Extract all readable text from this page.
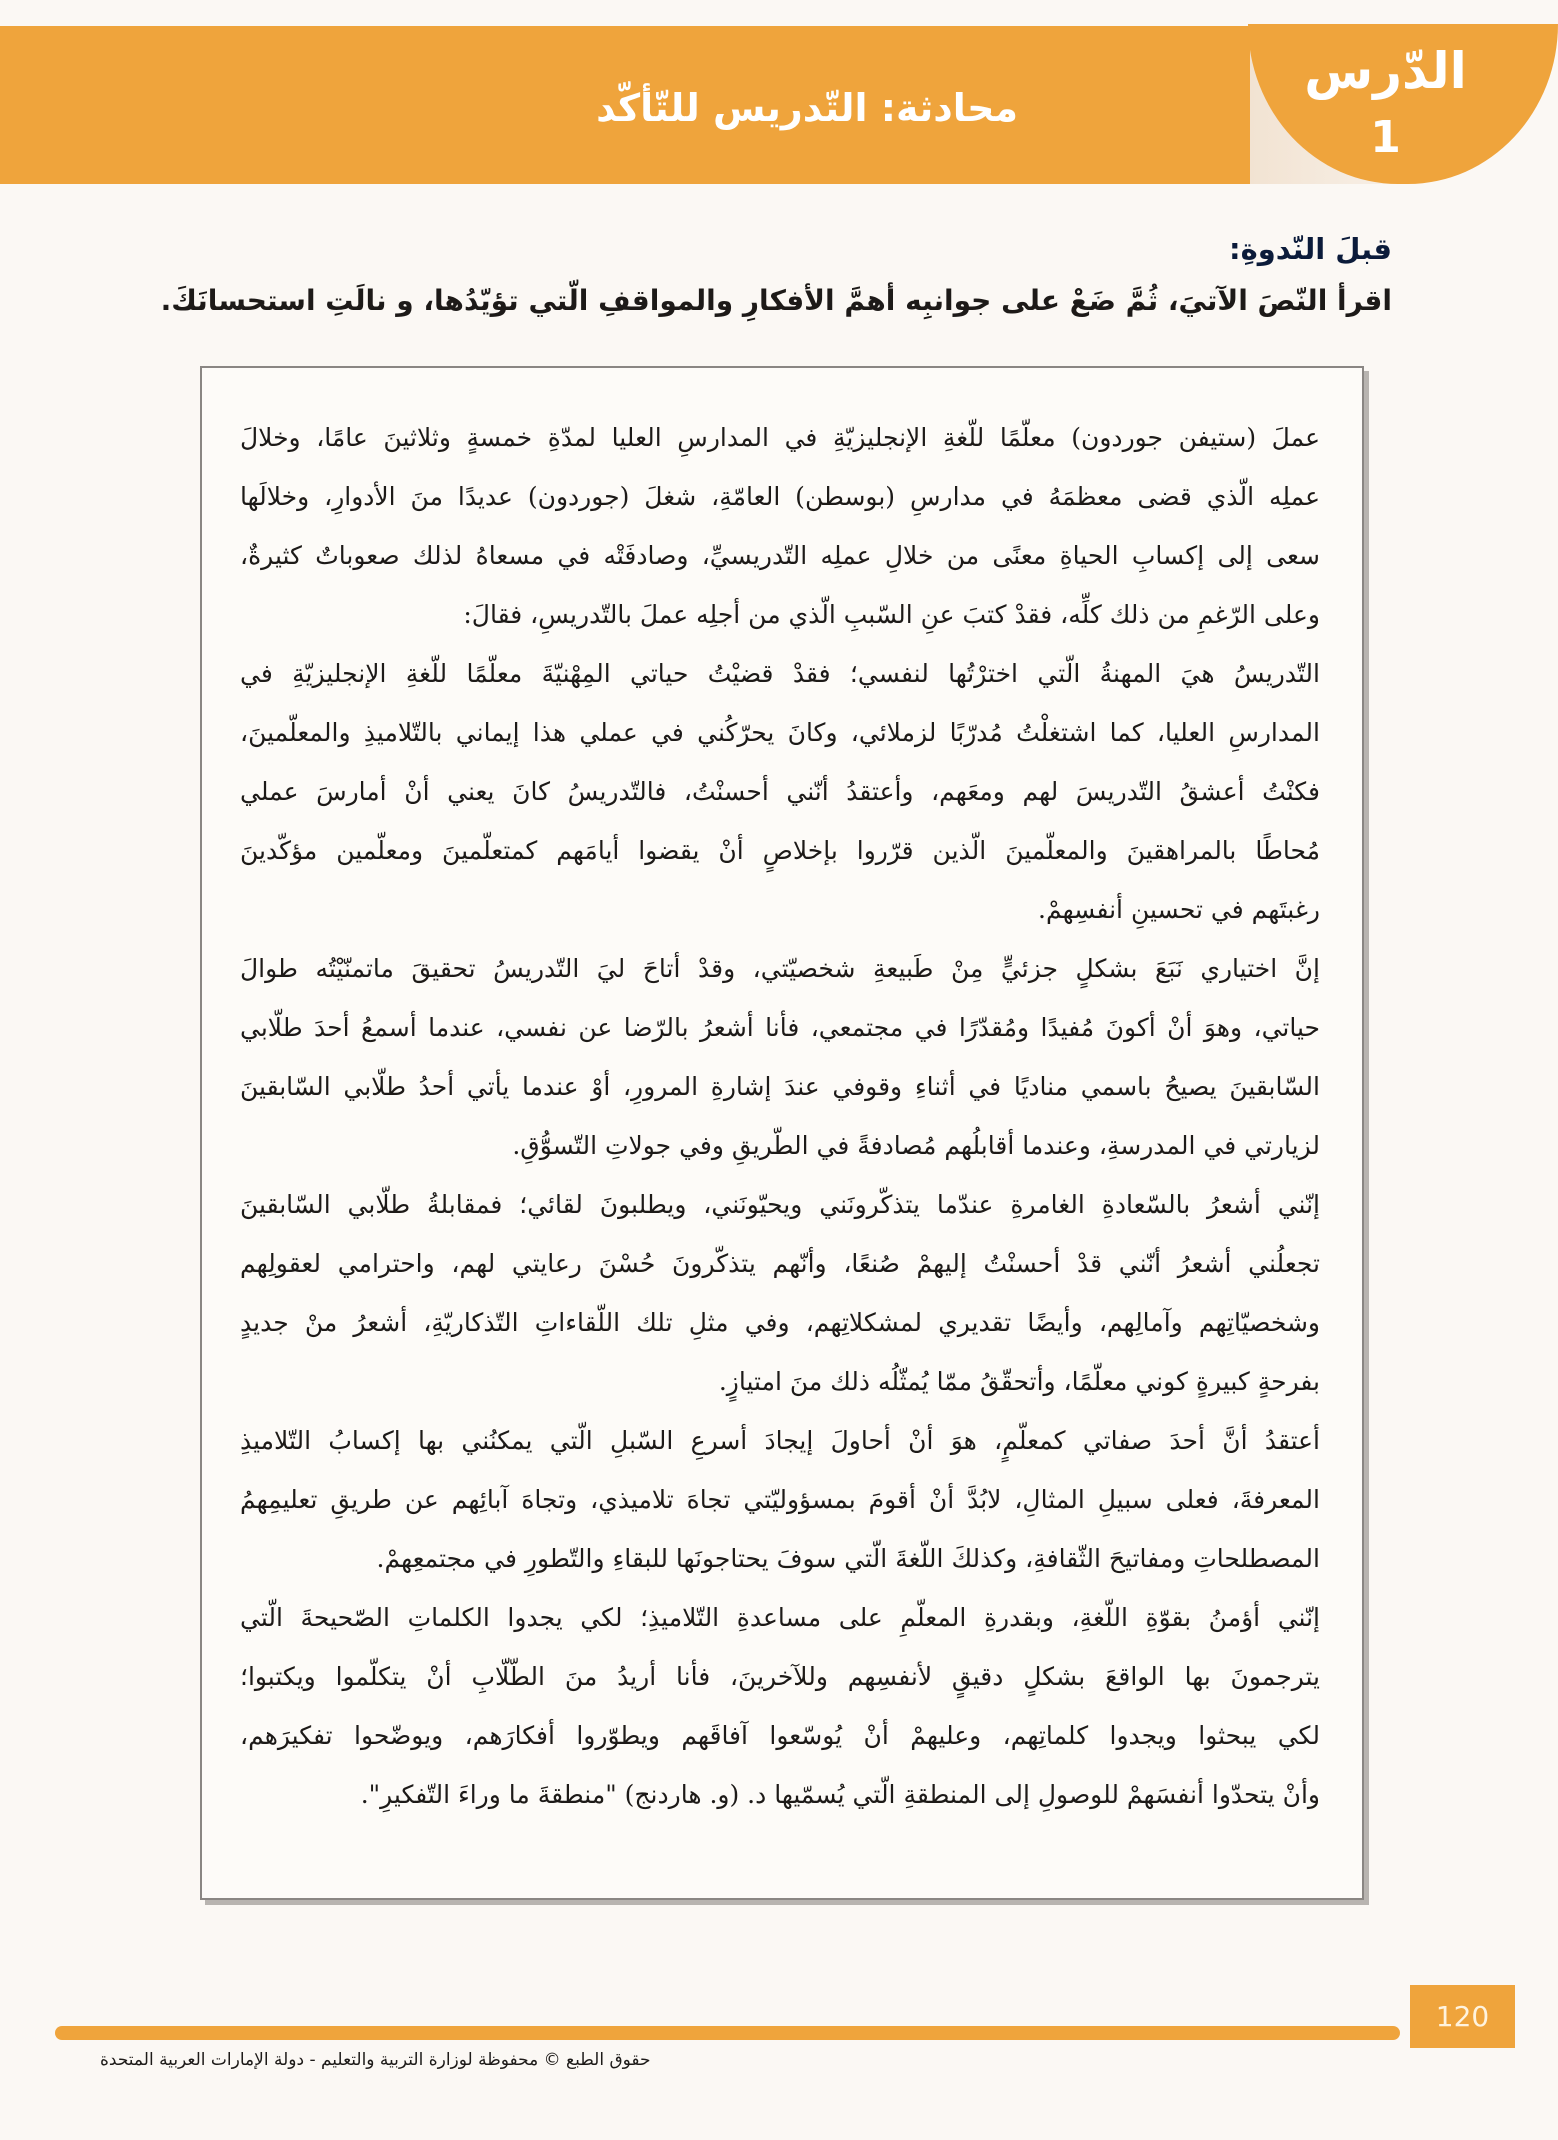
الدّرس
1
محادثة: التّدريس للتّأكّد
قبلَ النّدوةِ:
اقرأ النّصَ الآتيَ، ثُمَّ ضَعْ على جوانبِه أهمَّ الأفكارِ والمواقفِ الّتي تؤيّدُها، و نالَتِ استحسانَكَ.
عملَ (ستيفن جوردون) معلّمًا للّغةِ الإنجليزيّةِ في المدارسِ العليا لمدّةِ خمسةٍ وثلاثينَ عامًا، وخلالَ
عملِه الّذي قضى معظمَهُ في مدارسِ (بوسطن) العامّةِ، شغلَ (جوردون) عديدًا منَ الأدوارِ، وخلالَها
سعى إلى إكسابِ الحياةِ معنًى من خلالِ عملِه التّدريسيِّ، وصادفَتْه في مسعاهُ لذلك صعوباتٌ كثيرةٌ،
وعلى الرّغمِ من ذلك كلِّه، فقدْ كتبَ عنِ السّببِ الّذي من أجلِه عملَ بالتّدريسِ، فقالَ:
التّدريسُ هيَ المهنةُ الّتي اخترْتُها لنفسي؛ فقدْ قضيْتُ حياتي المِهْنيّةَ معلّمًا للّغةِ الإنجليزيّةِ في
المدارسِ العليا، كما اشتغلْتُ مُدرّبًا لزملائي، وكانَ يحرّكُني في عملي هذا إيماني بالتّلاميذِ والمعلّمينَ،
فكنْتُ أعشقُ التّدريسَ لهم ومعَهم، وأعتقدُ أنّني أحسنْتُ، فالتّدريسُ كانَ يعني أنْ أمارسَ عملي
مُحاطًا بالمراهقينَ والمعلّمينَ الّذين قرّروا بإخلاصٍ أنْ يقضوا أيامَهم كمتعلّمينَ ومعلّمين مؤكّدينَ
رغبتَهم في تحسينِ أنفسِهمْ.
إنَّ اختياري نَبَعَ بشكلٍ جزئيٍّ مِنْ طَبيعةِ شخصيّتي، وقدْ أتاحَ ليَ التّدريسُ تحقيقَ ماتمنّيْتُه طوالَ
حياتي، وهوَ أنْ أكونَ مُفيدًا ومُقدّرًا في مجتمعي، فأنا أشعرُ بالرّضا عن نفسي، عندما أسمعُ أحدَ طلّابي
السّابقينَ يصيحُ باسمي مناديًا في أثناءِ وقوفي عندَ إشارةِ المرورِ، أوْ عندما يأتي أحدُ طلّابي السّابقينَ
لزيارتي في المدرسةِ، وعندما أقابلُهم مُصادفةً في الطّريقِ وفي جولاتِ التّسوُّقِ.
إنّني أشعرُ بالسّعادةِ الغامرةِ عندّما يتذكّرونَني ويحيّونَني، ويطلبونَ لقائي؛ فمقابلةُ طلّابي السّابقينَ
تجعلُني أشعرُ أنّني قدْ أحسنْتُ إليهمْ صُنعًا، وأنّهم يتذكّرونَ حُسْنَ رعايتي لهم، واحترامي لعقولِهم
وشخصيّاتِهم وآمالِهم، وأيضًا تقديري لمشكلاتِهم، وفي مثلِ تلك اللّقاءاتِ التّذكاريّةِ، أشعرُ منْ جديدٍ
بفرحةٍ كبيرةٍ كوني معلّمًا، وأتحقّقُ ممّا يُمثّلُه ذلك منَ امتيازٍ.
أعتقدُ أنَّ أحدَ صفاتي كمعلّمٍ، هوَ أنْ أحاولَ إيجادَ أسرعِ السّبلِ الّتي يمكنُني بها إكسابُ التّلاميذِ
المعرفةَ، فعلى سبيلِ المثالِ، لابُدَّ أنْ أقومَ بمسؤوليّتي تجاهَ تلاميذي، وتجاهَ آبائِهم عن طريقِ تعليمِهمُ
المصطلحاتِ ومفاتيحَ الثّقافةِ، وكذلكَ اللّغةَ الّتي سوفَ يحتاجونَها للبقاءِ والتّطورِ في مجتمعِهمْ.
إنّني أؤمنُ بقوّةِ اللّغةِ، وبقدرةِ المعلّمِ على مساعدةِ التّلاميذِ؛ لكي يجدوا الكلماتِ الصّحيحةَ الّتي
يترجمونَ بها الواقعَ بشكلٍ دقيقٍ لأنفسِهم وللآخرينَ، فأنا أريدُ منَ الطّلّابِ أنْ يتكلّموا ويكتبوا؛
لكي يبحثوا ويجدوا كلماتِهم، وعليهمْ أنْ يُوسّعوا آفاقَهم ويطوّروا أفكارَهم، ويوضّحوا تفكيرَهم،
وأنْ يتحدّوا أنفسَهمْ للوصولِ إلى المنطقةِ الّتي يُسمّيها د. (و. هاردنج) "منطقةَ ما وراءَ التّفكيرِ".
120
حقوق الطبع © محفوظة لوزارة التربية والتعليم - دولة الإمارات العربية المتحدة
